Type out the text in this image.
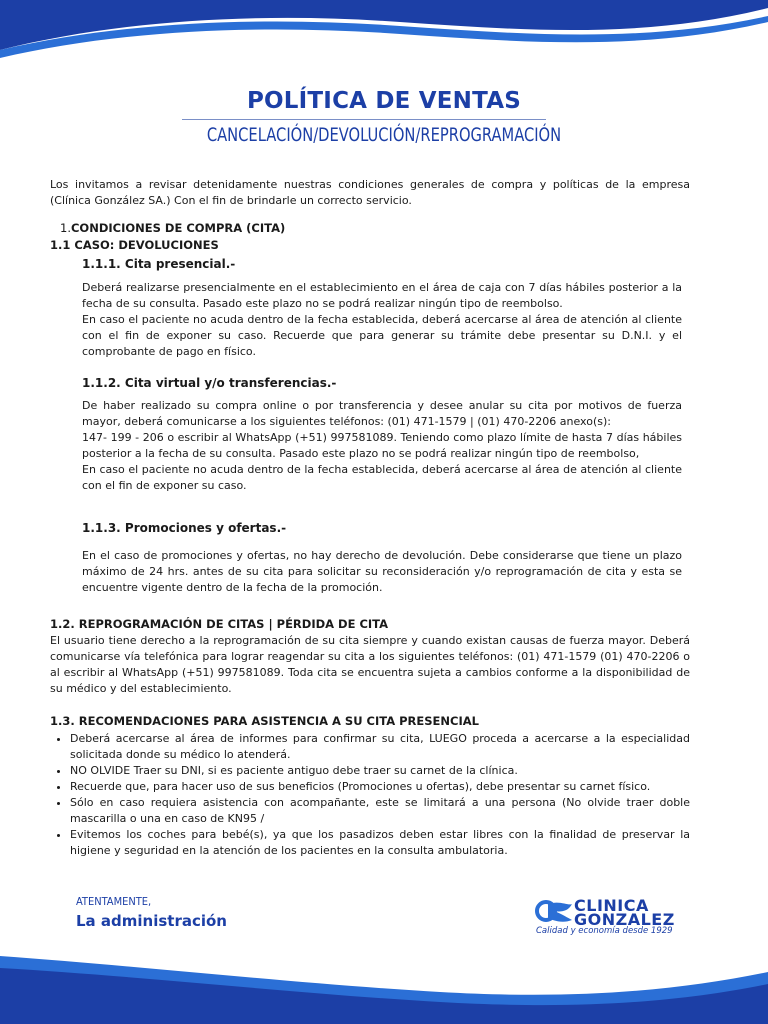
POLÍTICA DE VENTAS
CANCELACIÓN/DEVOLUCIÓN/REPROGRAMACIÓN

Los invitamos a revisar detenidamente nuestras condiciones generales de compra y políticas de la empresa (Clínica González SA.) Con el fin de brindarle un correcto servicio.

1.CONDICIONES DE COMPRA (CITA)
1.1 CASO: DEVOLUCIONES
1.1.1. Cita presencial.-

Deberá realizarse presencialmente en el establecimiento en el área de caja con 7 días hábiles posterior a la fecha de su consulta. Pasado este plazo no se podrá realizar ningún tipo de reembolso.

En caso el paciente no acuda dentro de la fecha establecida, deberá acercarse al área de atención al cliente con el fin de exponer su caso. Recuerde que para generar su trámite debe presentar su D.N.I. y el comprobante de pago en físico.

1.1.2. Cita virtual y/o transferencias.-

De haber realizado su compra online o por transferencia y desee anular su cita por motivos de fuerza mayor, deberá comunicarse a los siguientes teléfonos: (01) 471-1579 | (01) 470-2206 anexo(s):

147- 199 - 206 o escribir al WhatsApp (+51) 997581089. Teniendo como plazo límite de hasta 7 días hábiles posterior a la fecha de su consulta. Pasado este plazo no se podrá realizar ningún tipo de reembolso,

En caso el paciente no acuda dentro de la fecha establecida, deberá acercarse al área de atención al cliente con el fin de exponer su caso.

1.1.3. Promociones y ofertas.-

En el caso de promociones y ofertas, no hay derecho de devolución. Debe considerarse que tiene un plazo máximo de 24 hrs. antes de su cita para solicitar su reconsideración y/o reprogramación de cita y esta se encuentre vigente dentro de la fecha de la promoción.

1.2. REPROGRAMACIÓN DE CITAS | PÉRDIDA DE CITA

El usuario tiene derecho a la reprogramación de su cita siempre y cuando existan causas de fuerza mayor. Deberá comunicarse vía telefónica para lograr reagendar su cita a los siguientes teléfonos: (01) 471-1579 (01) 470-2206 o al escribir al WhatsApp (+51) 997581089. Toda cita se encuentra sujeta a cambios conforme a la disponibilidad de su médico y del establecimiento.

1.3. RECOMENDACIONES PARA ASISTENCIA A SU CITA PRESENCIAL
• Deberá acercarse al área de informes para confirmar su cita, LUEGO proceda a acercarse a la especialidad solicitada donde su médico lo atenderá.
• NO OLVIDE Traer su DNI, si es paciente antiguo debe traer su carnet de la clínica.
• Recuerde que, para hacer uso de sus beneficios (Promociones u ofertas), debe presentar su carnet físico.
• Sólo en caso requiera asistencia con acompañante, este se limitará a una persona (No olvide traer doble mascarilla o una en caso de KN95 /
• Evitemos los coches para bebé(s), ya que los pasadizos deben estar libres con la finalidad de preservar la higiene y seguridad en la atención de los pacientes en la consulta ambulatoria.
ATENTAMENTE,
La administración
CLINICA
GONZALEZ
Calidad y economía desde 1929
